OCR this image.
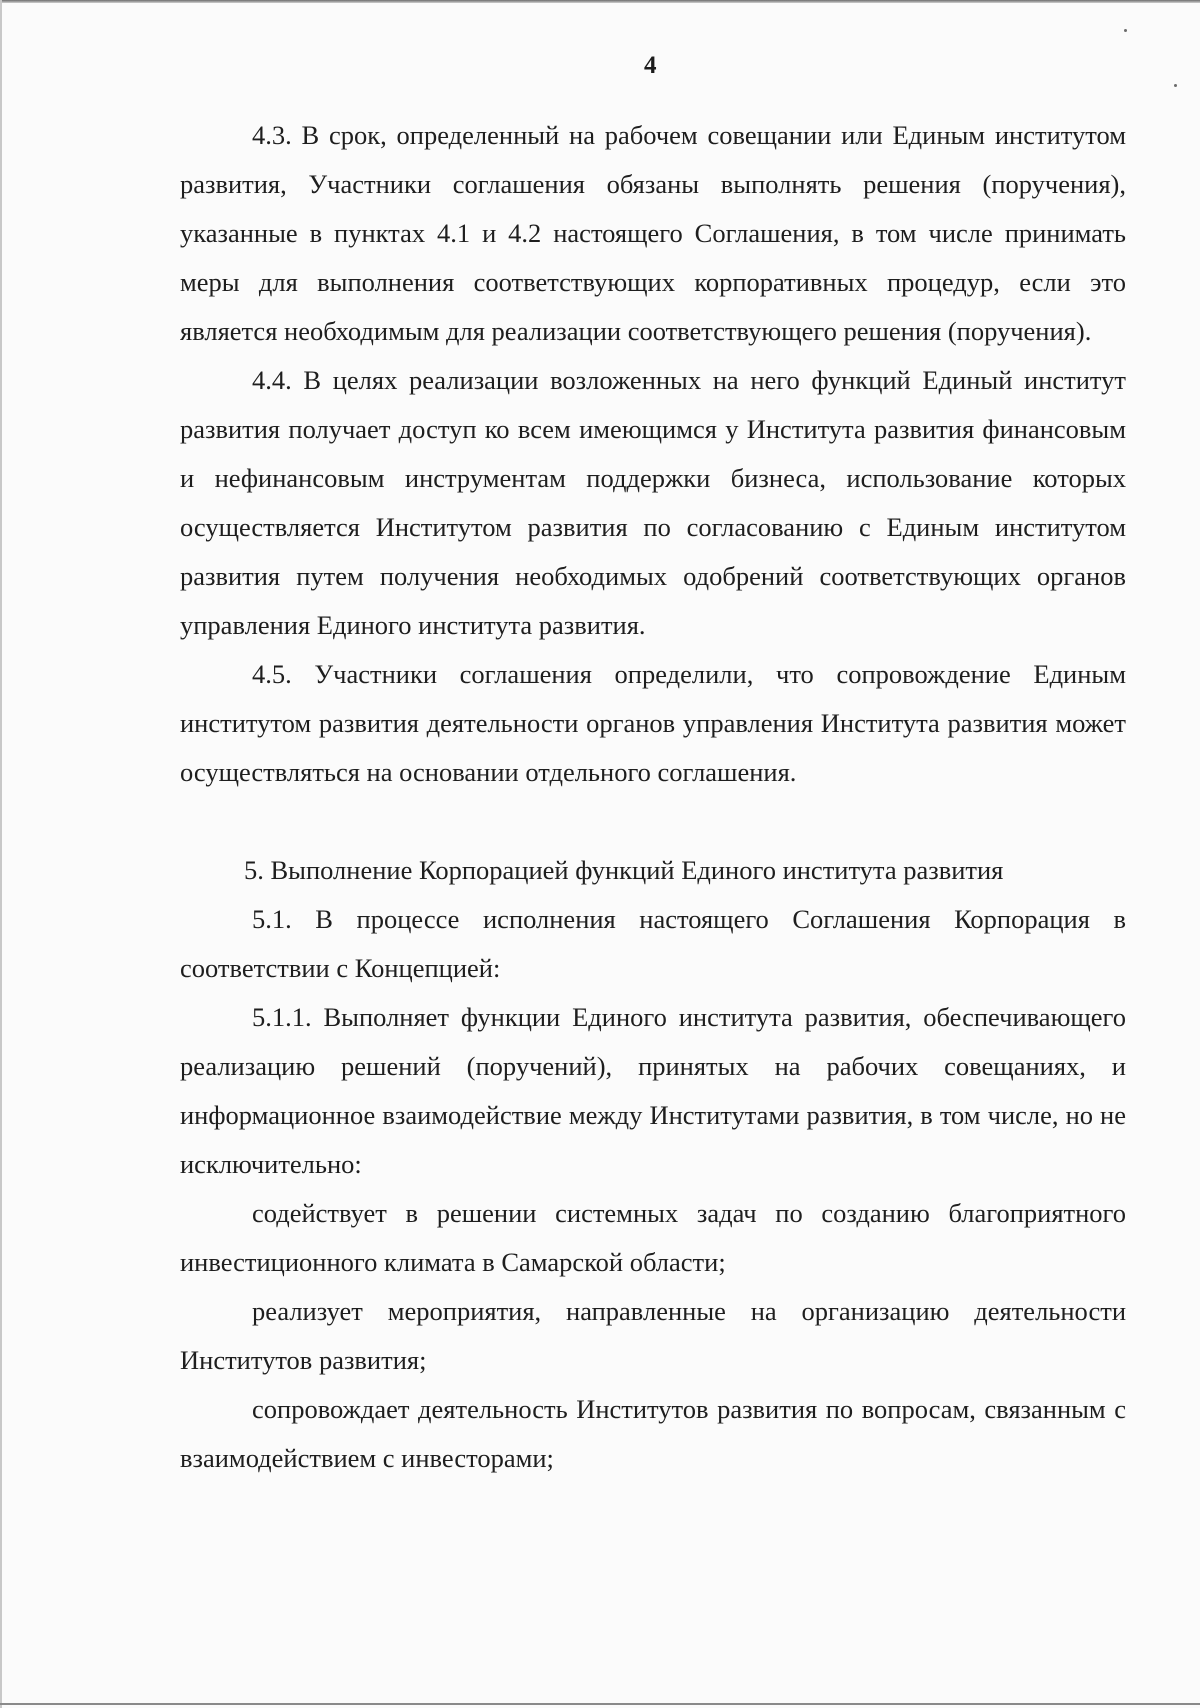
4

4.3. В срок, определенный на рабочем совещании или Единым институтом развития, Участники соглашения обязаны выполнять решения (поручения), указанные в пунктах 4.1 и 4.2 настоящего Соглашения, в том числе принимать меры для выполнения соответствующих корпоративных процедур, если это является необходимым для реализации соответствующего решения (поручения).

4.4. В целях реализации возложенных на него функций Единый институт развития получает доступ ко всем имеющимся у Института развития финансовым и нефинансовым инструментам поддержки бизнеса, использование которых осуществляется Институтом развития по согласованию с Единым институтом развития путем получения необходимых одобрений соответствующих органов управления Единого института развития.

4.5. Участники соглашения определили, что сопровождение Единым институтом развития деятельности органов управления Института развития может осуществляться на основании отдельного соглашения.

5. Выполнение Корпорацией функций Единого института развития

5.1. В процессе исполнения настоящего Соглашения Корпорация в соответствии с Концепцией:

5.1.1. Выполняет функции Единого института развития, обеспечивающего реализацию решений (поручений), принятых на рабочих совещаниях, и информационное взаимодействие между Институтами развития, в том числе, но не исключительно:

содействует в решении системных задач по созданию благоприятного инвестиционного климата в Самарской области;

реализует мероприятия, направленные на организацию деятельности Институтов развития;

сопровождает деятельность Институтов развития по вопросам, связанным с взаимодействием с инвесторами;
